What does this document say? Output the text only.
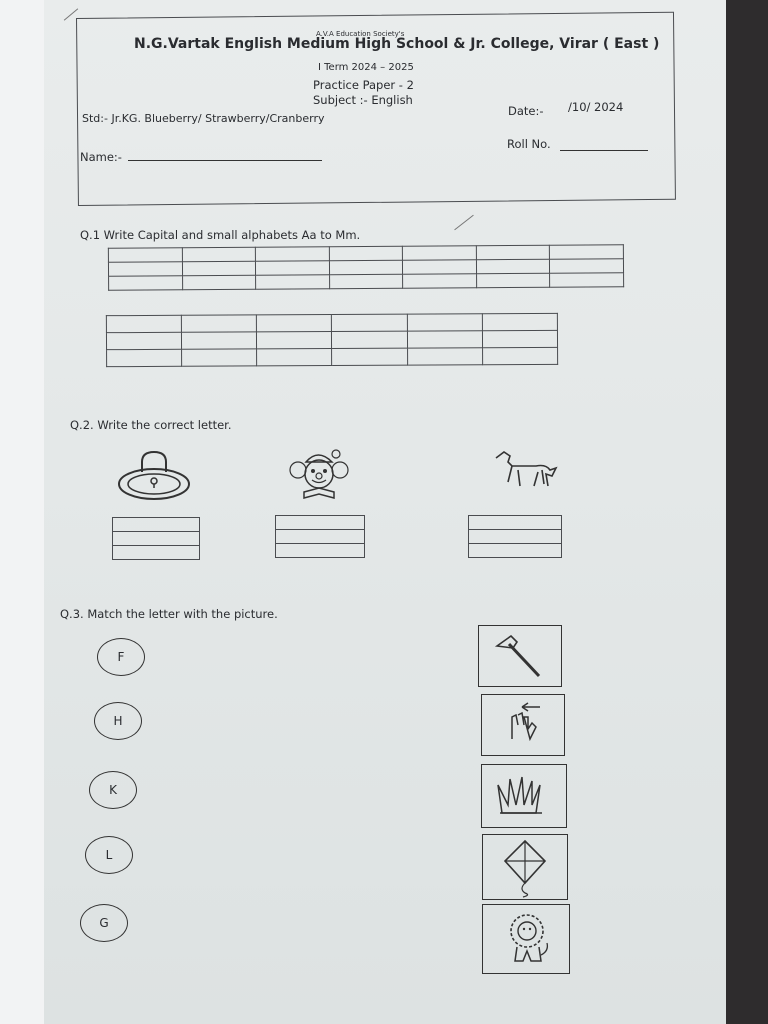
A.V.A Education Society's
N.G.Vartak English Medium High School & Jr. College, Virar ( East )
I Term 2024 – 2025
Practice Paper - 2
Subject :- English
Std:- Jr.KG. Blueberry/ Strawberry/Cranberry
Date:- /10/ 2024
Roll No.
Name:-
Q.1 Write Capital and small alphabets Aa to Mm.

Q.2. Write the correct letter.
Q.3. Match the letter with the picture.
F
H
K
L
G
